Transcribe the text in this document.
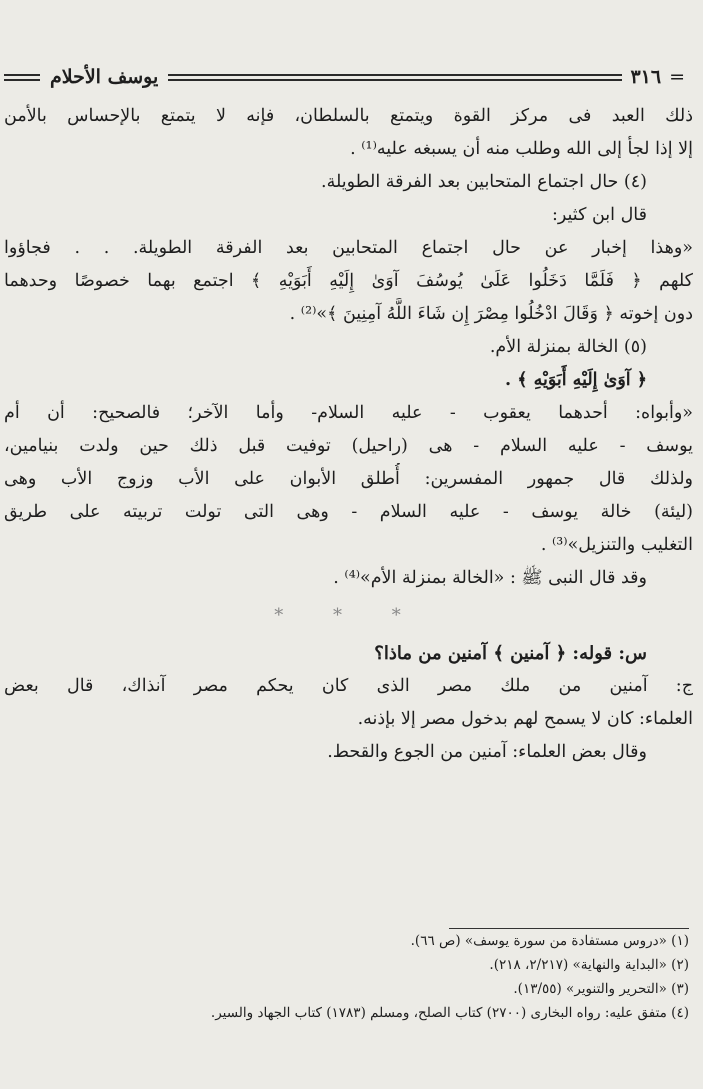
=
٣١٦
يوسف الأحلام
ذلك العبد فى مركز القوة ويتمتع بالسلطان، فإنه لا يتمتع بالإحساس بالأمن
إلا إذا لجأ إلى الله وطلب منه أن يسبغه عليه⁽¹⁾ .
(٤) حال اجتماع المتحابين بعد الفرقة الطويلة.
قال ابن كثير:
«وهذا إخبار عن حال اجتماع المتحابين بعد الفرقة الطويلة. . . فجاؤوا
كلهم ﴿ فَلَمَّا دَخَلُوا عَلَىٰ يُوسُفَ آوَىٰ إِلَيْهِ أَبَوَيْهِ ﴾ اجتمع بهما خصوصًا وحدهما
دون إخوته ﴿ وَقَالَ ادْخُلُوا مِصْرَ إِن شَاءَ اللَّهُ آمِنِينَ ﴾»⁽²⁾ .
(٥) الخالة بمنزلة الأم.
﴿ آوَىٰ إِلَيْهِ أَبَوَيْهِ ﴾ .
«وأبواه: أحدهما يعقوب - عليه السلام- وأما الآخر؛ فالصحيح: أن أم
يوسف - عليه السلام - هى (راحيل) توفيت قبل ذلك حين ولدت بنيامين،
ولذلك قال جمهور المفسرين: أُطلق الأبوان على الأب وزوج الأب وهى
(ليئة) خالة يوسف - عليه السلام - وهى التى تولت تربيته على طريق
التغليب والتنزيل»⁽³⁾ .
وقد قال النبى ﷺ : «الخالة بمنزلة الأم»⁽⁴⁾ .
* * *
س: قوله: ﴿ آمنين ﴾ آمنين من ماذا؟
ج: آمنين من ملك مصر الذى كان يحكم مصر آنذاك، قال بعض
العلماء: كان لا يسمح لهم بدخول مصر إلا بإذنه.
وقال بعض العلماء: آمنين من الجوع والقحط.
(١) «دروس مستفادة من سورة يوسف» (ص ٦٦).
(٢) «البداية والنهاية» (٢/٢١٧، ٢١٨).
(٣) «التحرير والتنوير» (١٣/٥٥).
(٤) متفق عليه: رواه البخارى (٢٧٠٠) كتاب الصلح، ومسلم (١٧٨٣) كتاب الجهاد والسير.
